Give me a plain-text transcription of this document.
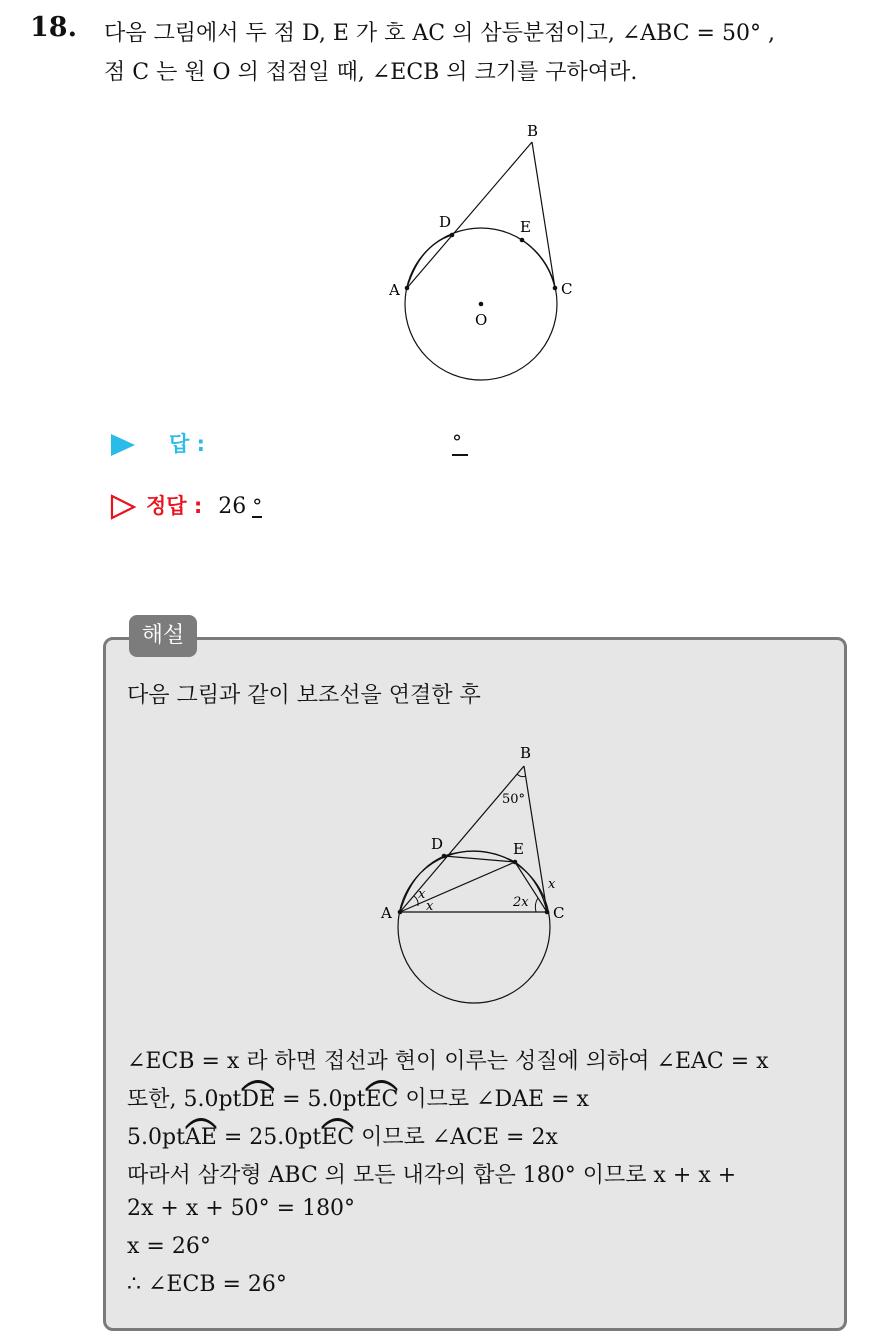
18. 다음 그림에서 두 점 D, E 가 호 AC 의 삼등분점이고, ∠ABC = 50° ,
점 C 는 원 O 의 접점일 때, ∠ECB 의 크기를 구하여라.
A
B
C
D	E
O
답 :	°
정답 : 26 °
해설
다음 그림과 같이 보조선을 연결한 후
A
B
C
D	E
50°
x
x	2x
x
∠ECB = x 라 하면 접선과 현이 이루는 성질에 의하여 ∠EAC = x
또한, 5.0pt
DE = 5.0pt
EC 이므로 ∠DAE = x
5.0pt
AE = 25.0pt
EC 이므로 ∠ACE = 2x
따라서 삼각형 ABC 의 모든 내각의 합은 180° 이므로 x + x +
2x + x + 50° = 180°
x = 26°
∴ ∠ECB = 26°
